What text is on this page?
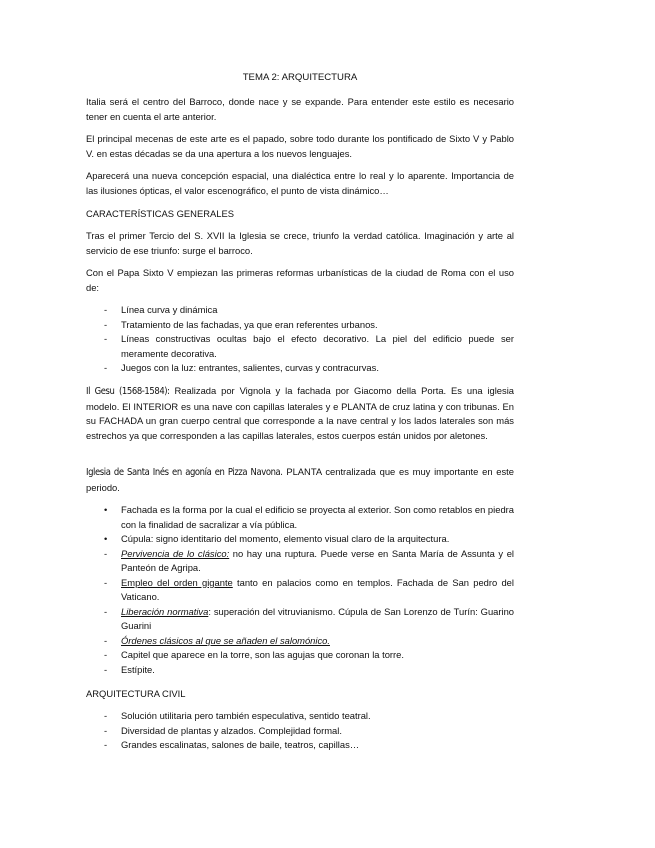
TEMA 2: ARQUITECTURA

Italia será el centro del Barroco, donde nace y se expande. Para entender este estilo es necesario tener en cuenta el arte anterior.

El principal mecenas de este arte es el papado, sobre todo durante los pontificado de Sixto V y Pablo V. en estas décadas se da una apertura a los nuevos lenguajes.

Aparecerá una nueva concepción espacial, una dialéctica entre lo real y lo aparente. Importancia de las ilusiones ópticas, el valor escenográfico, el punto de vista dinámico…

CARACTERÍSTICAS GENERALES

Tras el primer Tercio del S. XVII la Iglesia se crece, triunfo la verdad católica. Imaginación y arte al servicio de ese triunfo: surge el barroco.

Con el Papa Sixto V empiezan las primeras reformas urbanísticas de la ciudad de Roma con el uso de:

- Línea curva y dinámica
- Tratamiento de las fachadas, ya que eran referentes urbanos.
- Líneas constructivas ocultas bajo el efecto decorativo. La piel del edificio puede ser meramente decorativa.
- Juegos con la luz: entrantes, salientes, curvas y contracurvas.

Il Gesu (1568-1584): Realizada por Vignola y la fachada por Giacomo della Porta. Es una iglesia modelo. El INTERIOR es una nave con capillas laterales y e PLANTA de cruz latina y con tribunas. En su FACHADA un gran cuerpo central que corresponde a la nave central y los lados laterales son más estrechos ya que corresponden a las capillas laterales, estos cuerpos están unidos por aletones.

Iglesia de Santa Inés en agonía en Pizza Navona. PLANTA centralizada que es muy importante en este periodo.

• Fachada es la forma por la cual el edificio se proyecta al exterior. Son como retablos en piedra con la finalidad de sacralizar a vía pública.
• Cúpula: signo identitario del momento, elemento visual claro de la arquitectura.
- Pervivencia de lo clásico: no hay una ruptura. Puede verse en Santa María de Assunta y el Panteón de Agripa.
- Empleo del orden gigante tanto en palacios como en templos. Fachada de San pedro del Vaticano.
- Liberación normativa: superación del vitruvianismo. Cúpula de San Lorenzo de Turín: Guarino Guarini
- Órdenes clásicos al que se añaden el salomónico.
- Capitel que aparece en la torre, son las agujas que coronan la torre.
- Estípite.
ARQUITECTURA CIVIL
- Solución utilitaria pero también especulativa, sentido teatral.
- Diversidad de plantas y alzados. Complejidad formal.
- Grandes escalinatas, salones de baile, teatros, capillas…
